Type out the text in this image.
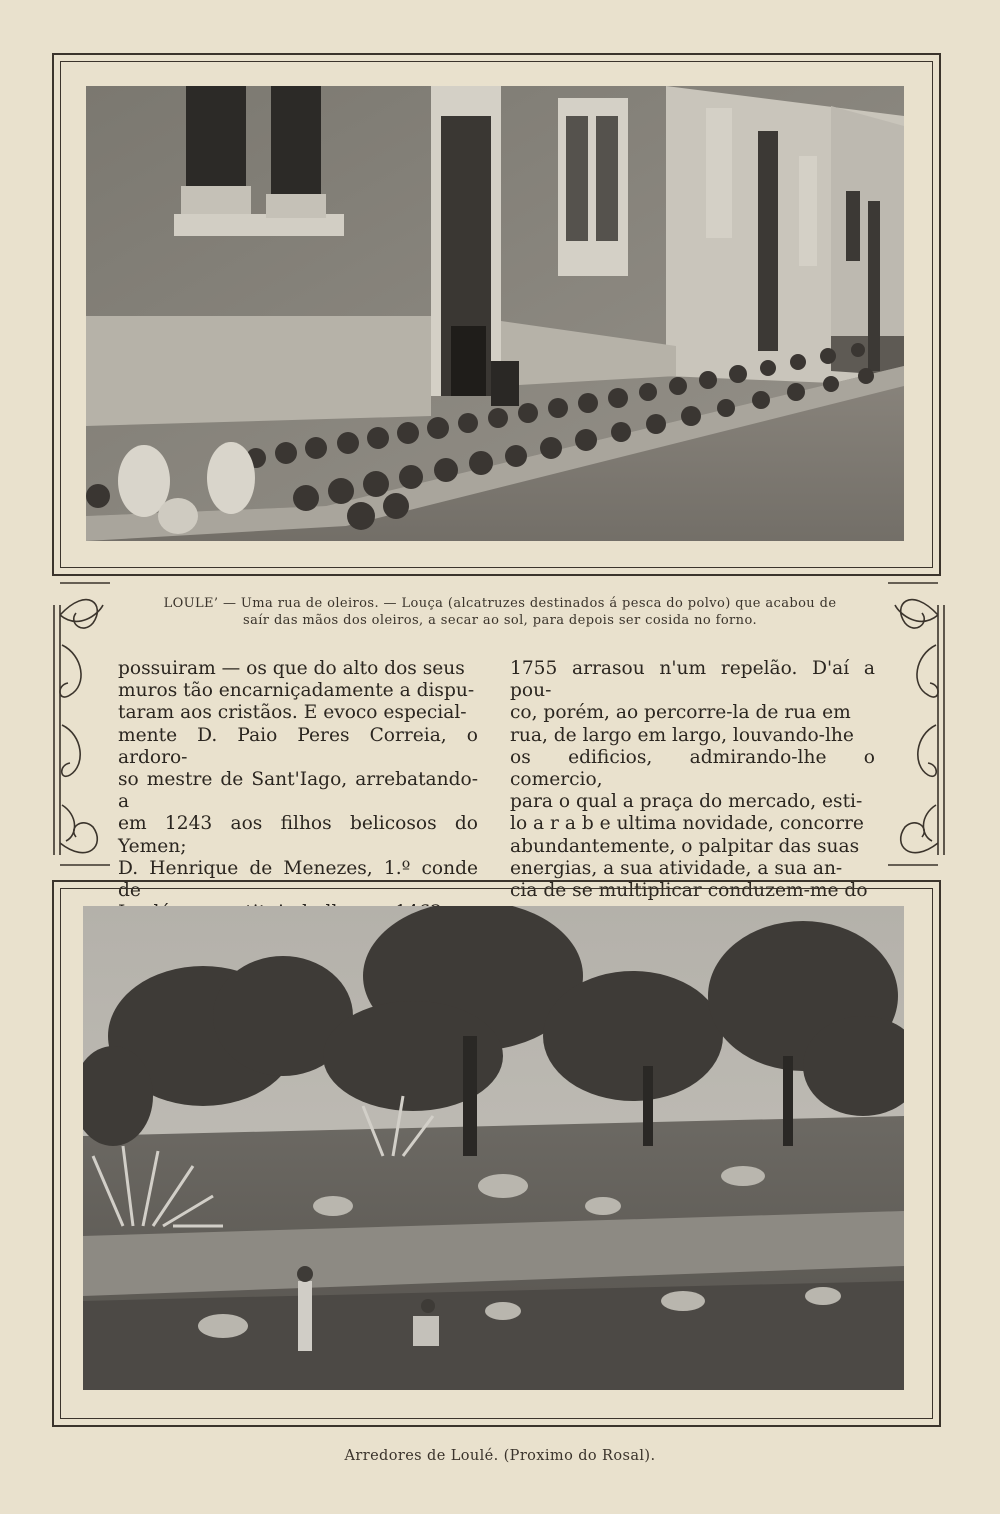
LOULE’ — Uma rua de oleiros. — Louça (alcatruzes destinados á pesca do polvo) que acabou de
saír das mãos dos oleiros, a secar ao sol, para depois ser cosida no forno.

possuiram — os que do alto dos seus

muros tão encarniçadamente a dispu-

taram aos cristãos. E evoco especial-

mente D. Paio Peres Correia, o ardoro-

so mestre de Sant'Iago, arrebatando-a

em 1243 aos filhos belicosos do Yemen;

D. Henrique de Menezes, 1.º conde de

1755 arrasou n'um repelão. D'aí a pou-

co, porém, ao percorre-la de rua em

rua, de largo em largo, louvando-lhe

os edificios, admirando-lhe o comercio,

para o qual a praça do mercado, esti-

lo a r a b e ultima novidade, concorre

abundantemente, o palpitar das suas

energias, a sua atividade, a sua an-

cia de se multiplicar conduzem-me do

Arredores de Loulé. (Proximo do Rosal).
